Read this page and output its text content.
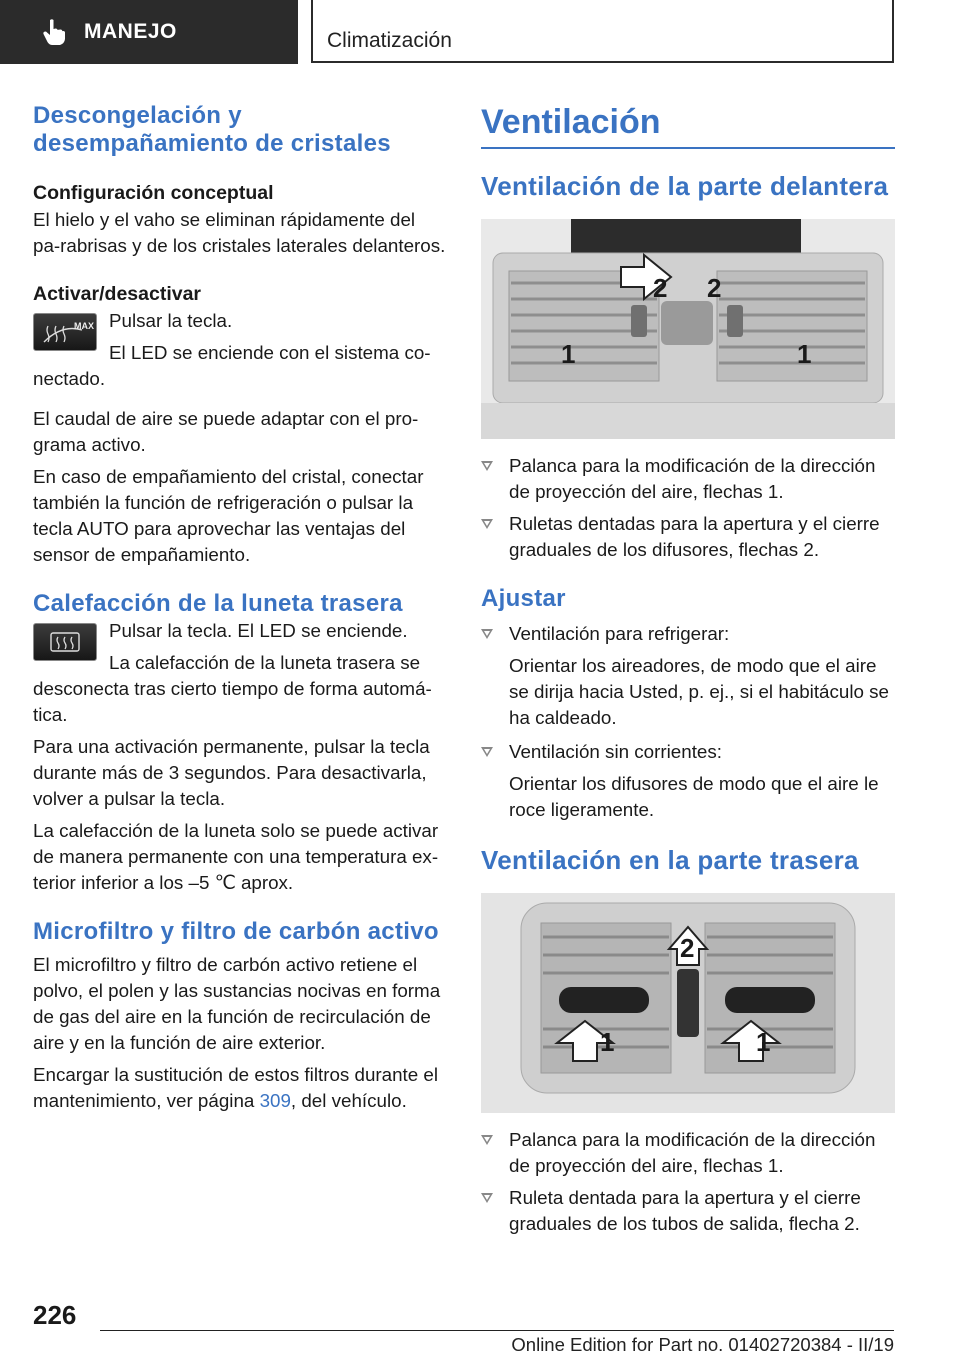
MANEJO	Climatización
Descongelación y
desempañamiento de cristales
Configuración conceptual

El hielo y el vaho se eliminan rápidamente del pa-rabrisas y de los cristales laterales delanteros.

Activar/desactivar
MAX Pulsar la tecla.

El LED se enciende con el sistema co-nectado.

El caudal de aire se puede adaptar con el pro-grama activo.

En caso de empañamiento del cristal, conectar también la función de refrigeración o pulsar la tecla AUTO para aprovechar las ventajas del sensor de empañamiento.

Calefacción de la luneta trasera

Pulsar la tecla. El LED se enciende.

La calefacción de la luneta trasera se desconecta tras cierto tiempo de forma automá-tica.

Para una activación permanente, pulsar la tecla durante más de 3 segundos. Para desactivarla, volver a pulsar la tecla.

La calefacción de la luneta solo se puede activar de manera permanente con una temperatura ex-terior inferior a los –5 ℃ aprox.

Microfiltro y filtro de carbón activo

El microfiltro y filtro de carbón activo retiene el polvo, el polen y las sustancias nocivas en forma de gas del aire en la función de recirculación de aire y en la función de aire exterior.

Encargar la sustitución de estos filtros durante el mantenimiento, ver página 309, del vehículo.

Ventilación
Ventilación de la parte delantera
2 2
1	1
Palanca para la modificación de la dirección de proyección del aire, flechas 1.
Ruletas dentadas para la apertura y el cierre graduales de los difusores, flechas 2.
Ajustar
Ventilación para refrigerar:
Orientar los aireadores, de modo que el aire se dirija hacia Usted, p. ej., si el habitáculo se ha caldeado.
Ventilación sin corrientes:
Orientar los difusores de modo que el aire le roce ligeramente.
Ventilación en la parte trasera
2
1	1
Palanca para la modificación de la dirección de proyección del aire, flechas 1.
Ruleta dentada para la apertura y el cierre graduales de los tubos de salida, flecha 2.
226
Online Edition for Part no. 01402720384 - II/19
